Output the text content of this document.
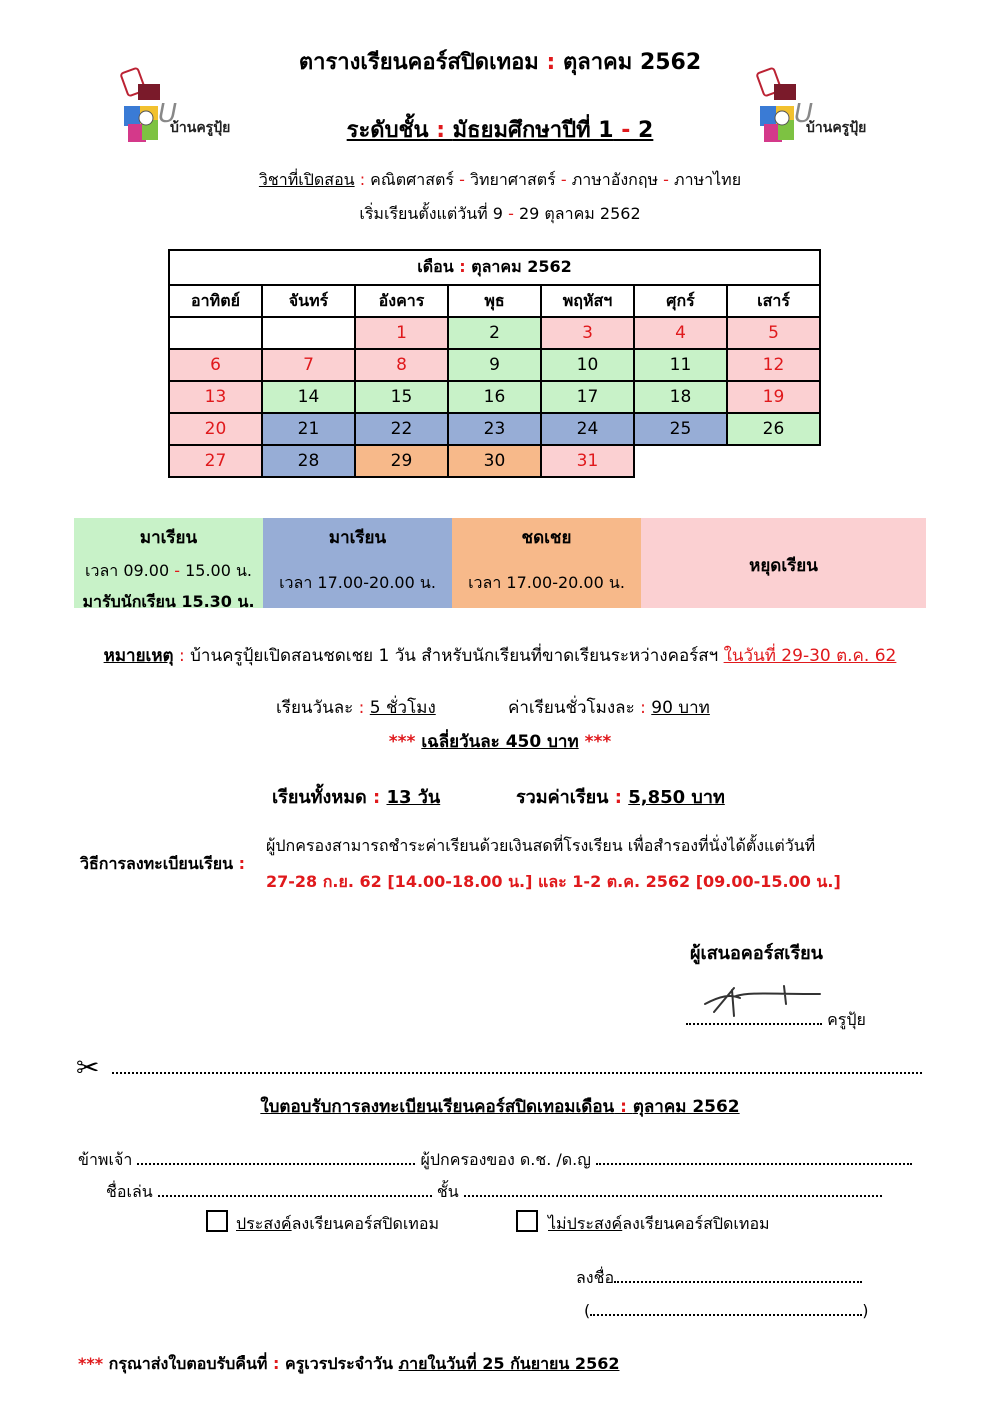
U
บ้านครูปุ้ย	U
บ้านครูปุ้ย
ตารางเรียนคอร์สปิดเทอม : ตุลาคม 2562
ระดับชั้น : มัธยมศึกษาปีที่ 1 - 2
วิชาที่เปิดสอน : คณิตศาสตร์ - วิทยาศาสตร์ - ภาษาอังกฤษ - ภาษาไทย
เริ่มเรียนตั้งแต่วันที่ 9 - 29 ตุลาคม 2562
เดือน : ตุลาคม 2562						
อาทิตย์	จันทร์	อังคาร	พุธ	พฤหัสฯ	ศุกร์	เสาร์
		1	2	3	4	5
6	7	8	9	10	11	12
13	14	15	16	17	18	19
20	21	22	23	24	25	26
27	28	29	30	31		
มาเรียน
เวลา 09.00 - 15.00 น.
มารับนักเรียน 15.30 น.
มาเรียน
เวลา 17.00-20.00 น.
ชดเชย
เวลา 17.00-20.00 น.
หยุดเรียน
หมายเหตุ : บ้านครูปุ้ยเปิดสอนชดเชย 1 วัน สำหรับนักเรียนที่ขาดเรียนระหว่างคอร์สฯ ในวันที่ 29-30 ต.ค. 62
เรียนวันละ : 5 ชั่วโมง	ค่าเรียนชั่วโมงละ : 90 บาท
*** เฉลี่ยวันละ 450 บาท ***
เรียนทั้งหมด : 13 วัน	รวมค่าเรียน : 5,850 บาท
วิธีการลงทะเบียนเรียน :
ผู้ปกครองสามารถชำระค่าเรียนด้วยเงินสดที่โรงเรียน เพื่อสำรองที่นั่งได้ตั้งแต่วันที่
27-28 ก.ย. 62 [14.00-18.00 น.] และ 1-2 ต.ค. 2562 [09.00-15.00 น.]
ผู้เสนอคอร์สเรียน
ครูปุ้ย
✂
ใบตอบรับการลงทะเบียนเรียนคอร์สปิดเทอมเดือน : ตุลาคม 2562
ข้าพเจ้า	ผู้ปกครองของ ด.ช. /ด.ญ
ชื่อเล่น	ชั้น
ประสงค์ลงเรียนคอร์สปิดเทอม	ไม่ประสงค์ลงเรียนคอร์สปิดเทอม
ลงชื่อ
(	)
*** กรุณาส่งใบตอบรับคืนที่ : ครูเวรประจำวัน ภายในวันที่ 25 กันยายน 2562
